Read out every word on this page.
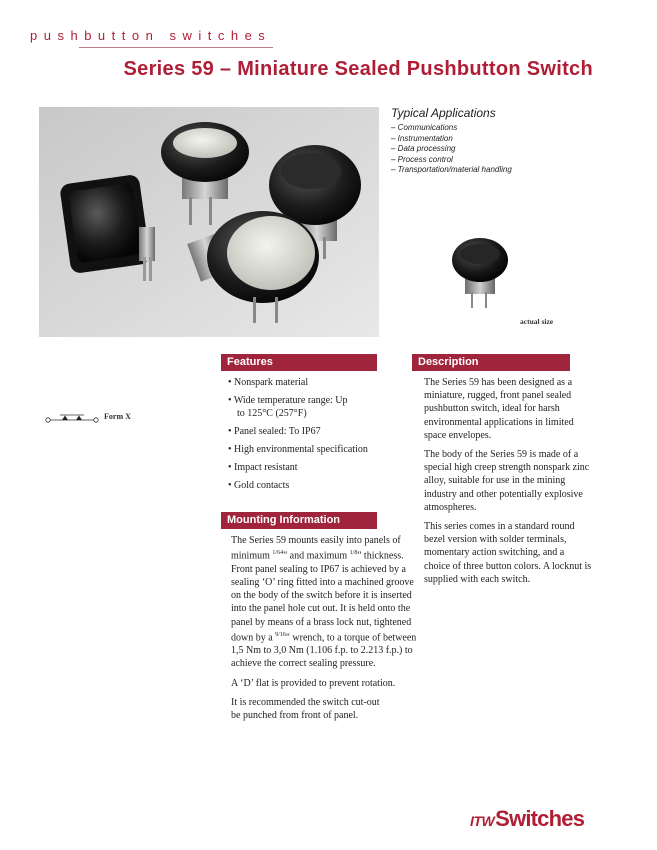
pushbutton switches
Series 59 – Miniature Sealed Pushbutton Switch
Typical Applications
– Communications
– Instrumentation
– Data processing
– Process control
– Transportation/material handling
actual size
Form X
Features
• Nonspark material
• Wide temperature range: Up to 125°C (257°F)
• Panel sealed: To IP67
• High environmental specification
• Impact resistant
• Gold contacts
Mounting Information

The Series 59 mounts easily into panels of minimum $^{1/64}$" and maximum $^{1/8}$" thickness. Front panel sealing to IP67 is achieved by a sealing ‘O’ ring fitted into a machined groove on the body of the switch before it is inserted into the panel hole cut out. It is held onto the panel by means of a brass lock nut, tightened down by a $^{9/16}$" wrench, to a torque of between 1,5 Nm to 3,0 Nm (1.106 f.p. to 2.213 f.p.) to achieve the correct sealing pressure.

A ‘D’ flat is provided to prevent rotation.

It is recommended the switch cut-out be punched from front of panel.

Description

The Series 59 has been designed as a miniature, rugged, front panel sealed pushbutton switch, ideal for harsh environmental applications in limited space envelopes.

The body of the Series 59 is made of a special high creep strength nonspark zinc alloy, suitable for use in the mining industry and other potentially explosive atmospheres.

This series comes in a standard round bezel version with solder terminals, momentary action switching, and a choice of three button colors. A locknut is supplied with each switch.

ITWSwitches
